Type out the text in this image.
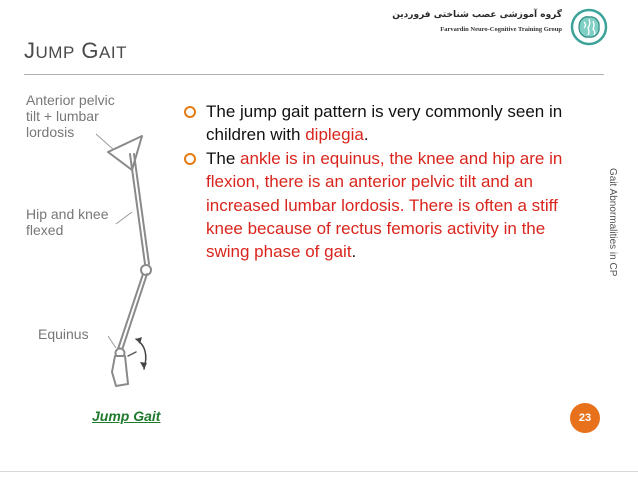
گروه آموزشی عصب شناختی فروردین
Farvardin Neuro-Cognitive Training Group
JUMP GAIT
Anterior pelvic
tilt + lumbar
lordosis
Hip and knee
flexed
Equinus
Jump Gait
The jump gait pattern is very commonly seen in children with diplegia.
The ankle is in equinus, the knee and hip are in flexion, there is an anterior pelvic tilt and an increased lumbar lordosis. There is often a stiff knee because of rectus femoris activity in the swing phase of gait.	Gait Abnormalities in CP
23
